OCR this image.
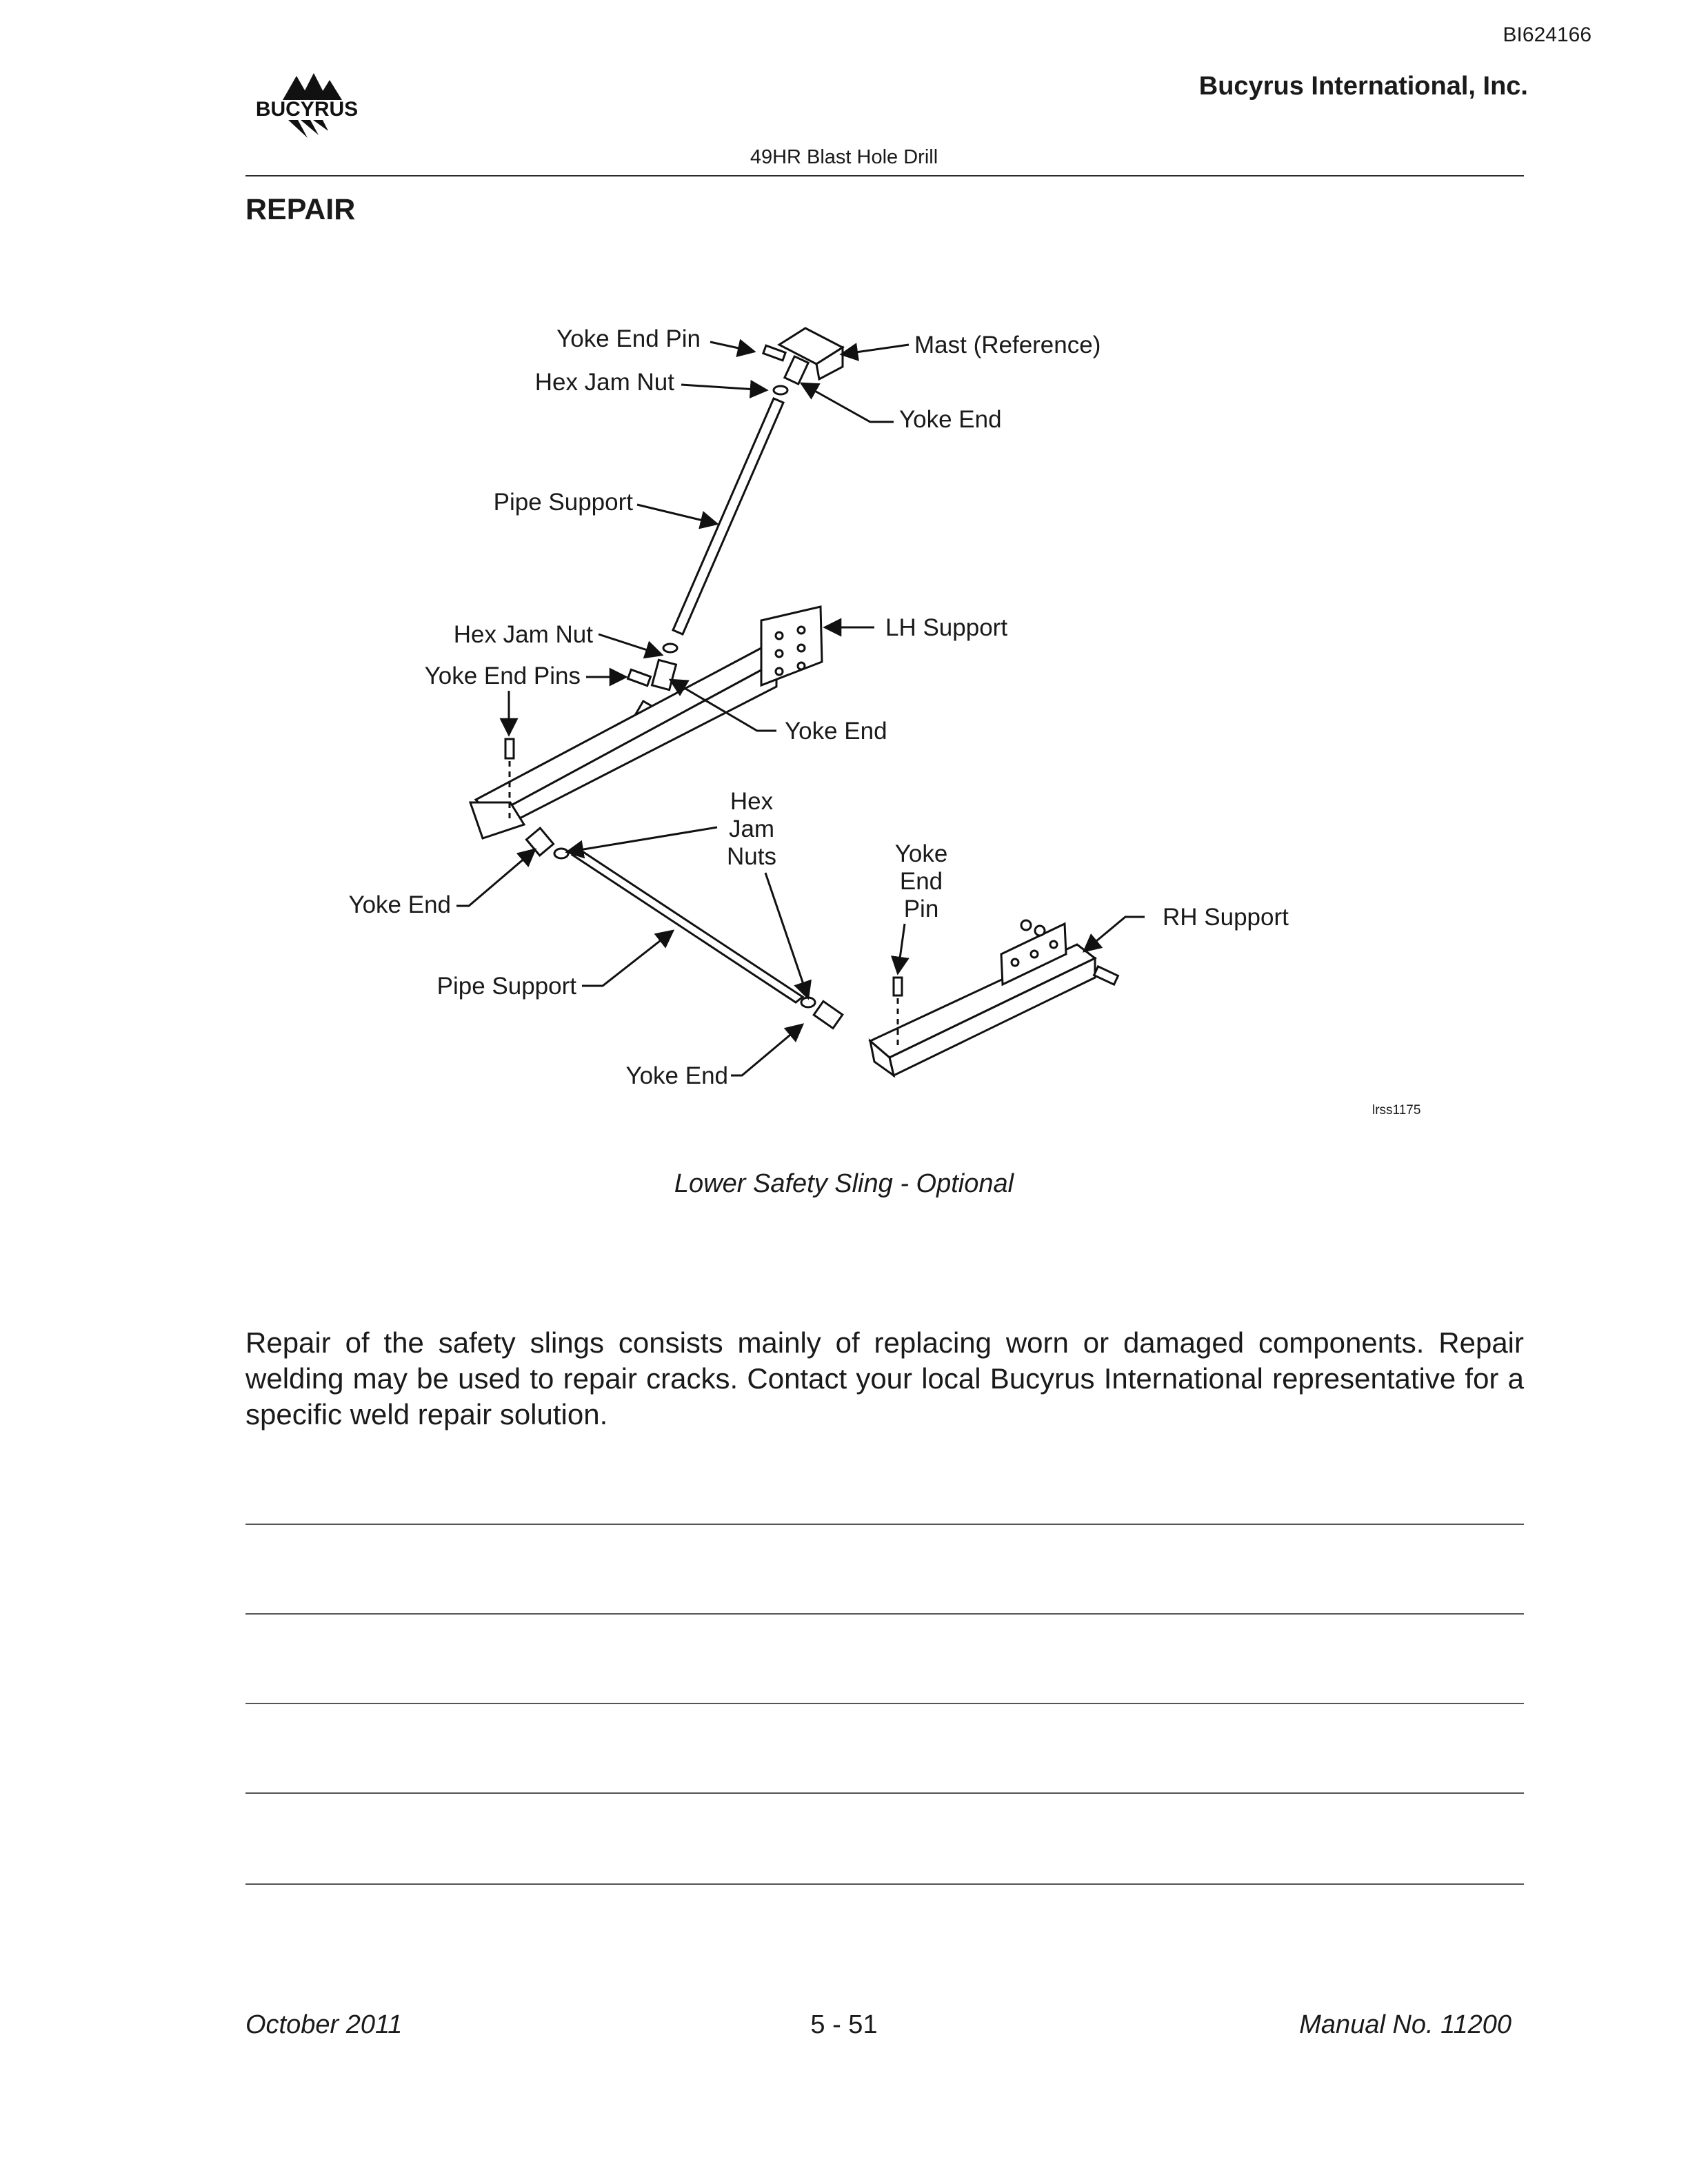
BI624166
Bucyrus International, Inc.
BUCYRUS
49HR Blast Hole Drill
REPAIR
Yoke End Pin
Hex Jam Nut
Mast (Reference)
Yoke End
Pipe Support
Hex Jam Nut	LH Support
Yoke End Pins
Yoke End
Hex
Jam
Nuts	Yoke
End
Pin
Yoke End	RH Support
Pipe Support
Yoke End
lrss1175
Lower Safety Sling - Optional

Repair of the safety slings consists mainly of replacing worn or damaged components. Repair welding may be used to repair cracks. Contact your local Bucyrus International representative for a specific weld repair solution.

October 2011	5 - 51	Manual No. 11200
